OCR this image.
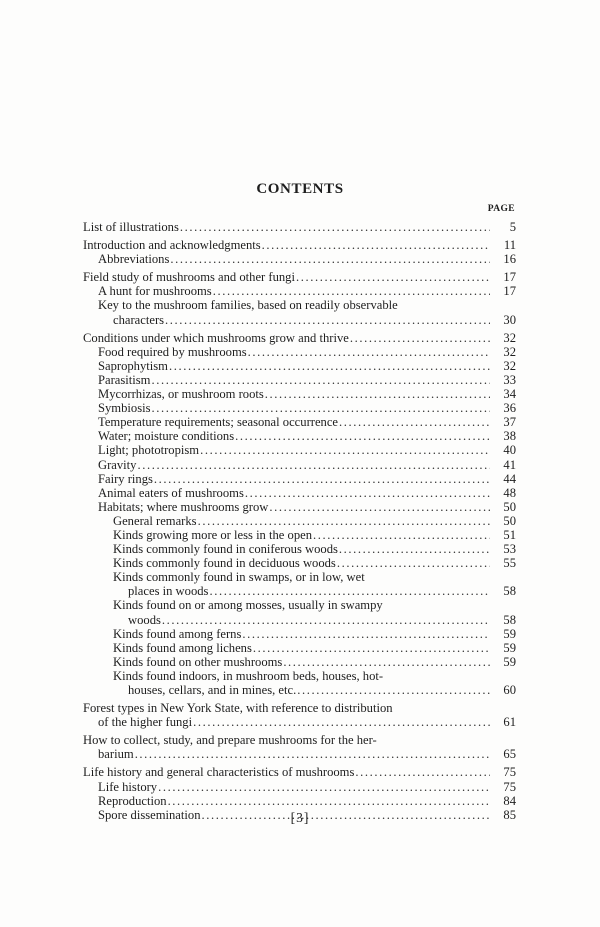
CONTENTS
PAGE
List of illustrations .....	5
Introduction and acknowledgments .....	11
Abbreviations .....	16
Field study of mushrooms and other fungi .....	17
A hunt for mushrooms .....	17
Key to the mushroom families, based on readily observable
characters .....	30
Conditions under which mushrooms grow and thrive .....	32
Food required by mushrooms .....	32
Saprophytism .....	32
Parasitism .....	33
Mycorrhizas, or mushroom roots .....	34
Symbiosis .....	36
Temperature requirements; seasonal occurrence .....	37
Water; moisture conditions .....	38
Light; phototropism .....	40
Gravity .....	41
Fairy rings .....	44
Animal eaters of mushrooms .....	48
Habitats; where mushrooms grow .....	50
General remarks .....	50
Kinds growing more or less in the open .....	51
Kinds commonly found in coniferous woods .....	53
Kinds commonly found in deciduous woods .....	55
Kinds commonly found in swamps, or in low, wet
places in woods .....	58
Kinds found on or among mosses, usually in swampy
woods .....	58
Kinds found among ferns .....	59
Kinds found among lichens .....	59
Kinds found on other mushrooms .....	59
Kinds found indoors, in mushroom beds, houses, hot-
houses, cellars, and in mines, etc. .....	60
Forest types in New York State, with reference to distribution
of the higher fungi .....	61
How to collect, study, and prepare mushrooms for the her-
barium .....	65
Life history and general characteristics of mushrooms .....	75
Life history .....	75
Reproduction .....	84
Spore dissemination .....	85
[3]
